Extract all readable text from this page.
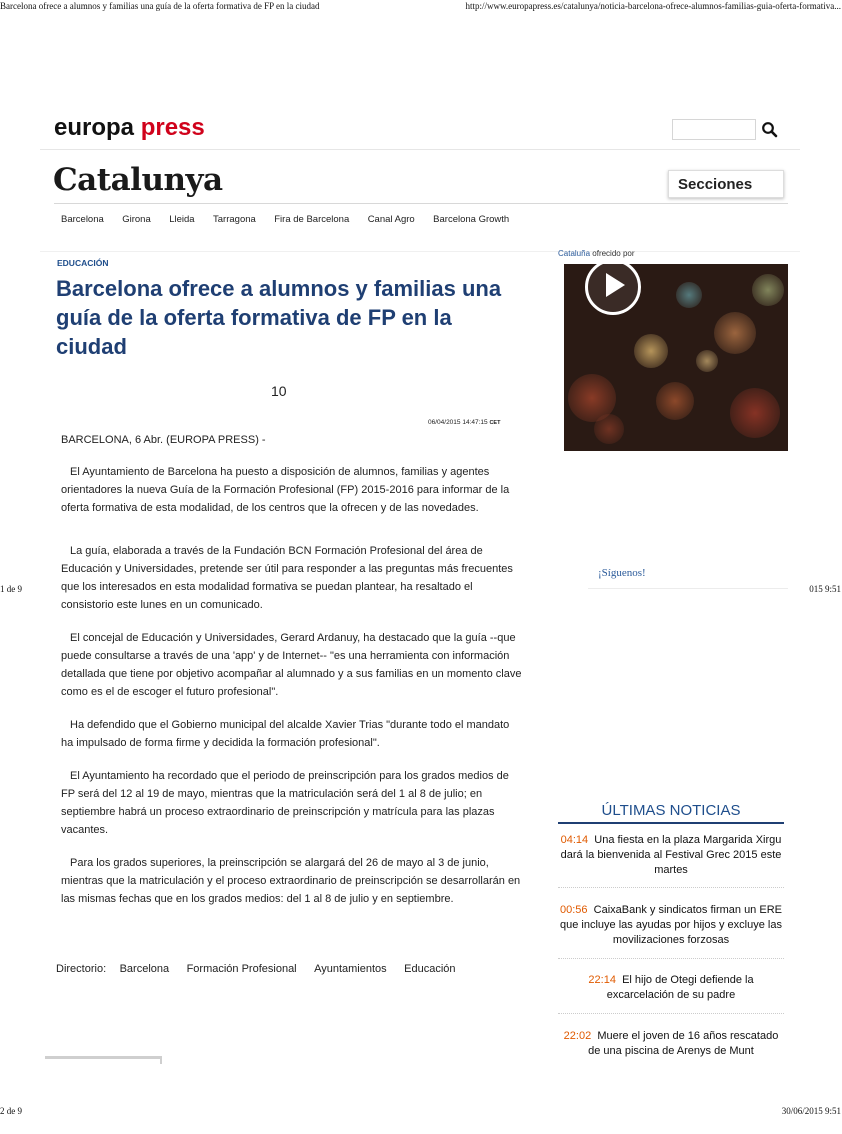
Barcelona ofrece a alumnos y familias una guía de la oferta formativa de FP en la ciudad	http://www.europapress.es/catalunya/noticia-barcelona-ofrece-alumnos-familias-guia-oferta-formativa...
europa press
Catalunya	Secciones
Barcelona Girona Lleida Tarragona Fira de Barcelona Canal Agro Barcelona Growth
EDUCACIÓN
Barcelona ofrece a alumnos y familias una guía de la oferta formativa de FP en la ciudad
10
06/04/2015 14:47:15 CET
BARCELONA, 6 Abr. (EUROPA PRESS) -

El Ayuntamiento de Barcelona ha puesto a disposición de alumnos, familias y agentes orientadores la nueva Guía de la Formación Profesional (FP) 2015-2016 para informar de la oferta formativa de esta modalidad, de los centros que la ofrecen y de las novedades.

La guía, elaborada a través de la Fundación BCN Formación Profesional del área de Educación y Universidades, pretende ser útil para responder a las preguntas más frecuentes que los interesados en esta modalidad formativa se puedan plantear, ha resaltado el consistorio este lunes en un comunicado.

El concejal de Educación y Universidades, Gerard Ardanuy, ha destacado que la guía --que puede consultarse a través de una 'app' y de Internet-- "es una herramienta con información detallada que tiene por objetivo acompañar al alumnado y a sus familias en un momento clave como es el de escoger el futuro profesional".

Ha defendido que el Gobierno municipal del alcalde Xavier Trias "durante todo el mandato ha impulsado de forma firme y decidida la formación profesional".

El Ayuntamiento ha recordado que el periodo de preinscripción para los grados medios de FP será del 12 al 19 de mayo, mientras que la matriculación será del 1 al 8 de julio; en septiembre habrá un proceso extraordinario de preinscripción y matrícula para las plazas vacantes.

Para los grados superiores, la preinscripción se alargará del 26 de mayo al 3 de junio, mientras que la matriculación y el proceso extraordinario de preinscripción se desarrollarán en las mismas fechas que en los grados medios: del 1 al 8 de julio y en septiembre.

Directorio: Barcelona Formación Profesional Ayuntamientos Educación
Cataluña ofrecido por
¡Síguenos!
ÚLTIMAS NOTICIAS
04:14 Una fiesta en la plaza Margarida Xirgu dará la bienvenida al Festival Grec 2015 este martes
00:56 CaixaBank y sindicatos firman un ERE que incluye las ayudas por hijos y excluye las movilizaciones forzosas
22:14 El hijo de Otegi defiende la excarcelación de su padre
22:02 Muere el joven de 16 años rescatado de una piscina de Arenys de Munt
1 de 9	015 9:51
2 de 9	30/06/2015 9:51
